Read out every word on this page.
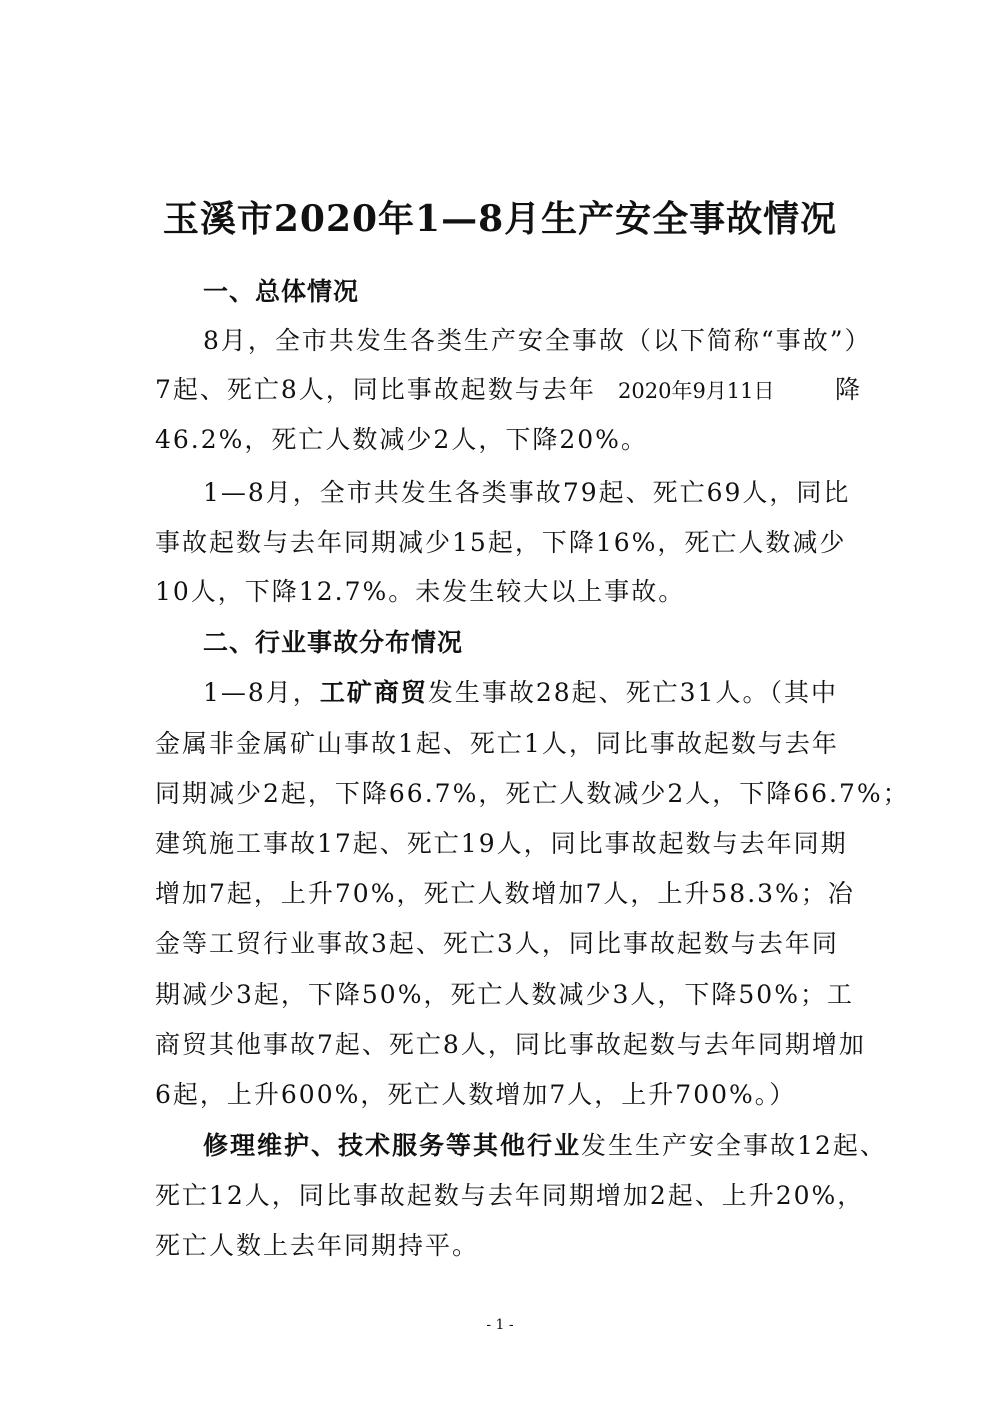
玉溪市2020年1—8月生产安全事故情况
一、总体情况
8月，全市共发生各类生产安全事故（以下简称“事故”）
7起、死亡8人，同比事故起数与去年 2020年9月11日 降
46.2%，死亡人数减少2人，下降20%。
1—8月，全市共发生各类事故79起、死亡69人，同比
事故起数与去年同期减少15起，下降16%，死亡人数减少
10人，下降12.7%。未发生较大以上事故。
二、行业事故分布情况
1—8月，工矿商贸发生事故28起、死亡31人。（其中
金属非金属矿山事故1起、死亡1人，同比事故起数与去年
同期减少2起，下降66.7%，死亡人数减少2人，下降66.7%；
建筑施工事故17起、死亡19人，同比事故起数与去年同期
增加7起，上升70%，死亡人数增加7人，上升58.3%；冶
金等工贸行业事故3起、死亡3人，同比事故起数与去年同
期减少3起，下降50%，死亡人数减少3人，下降50%；工
商贸其他事故7起、死亡8人，同比事故起数与去年同期增加
6起，上升600%，死亡人数增加7人，上升700%。）
修理维护、技术服务等其他行业发生生产安全事故12起、
死亡12人，同比事故起数与去年同期增加2起、上升20%，
死亡人数上去年同期持平。
- 1 -
